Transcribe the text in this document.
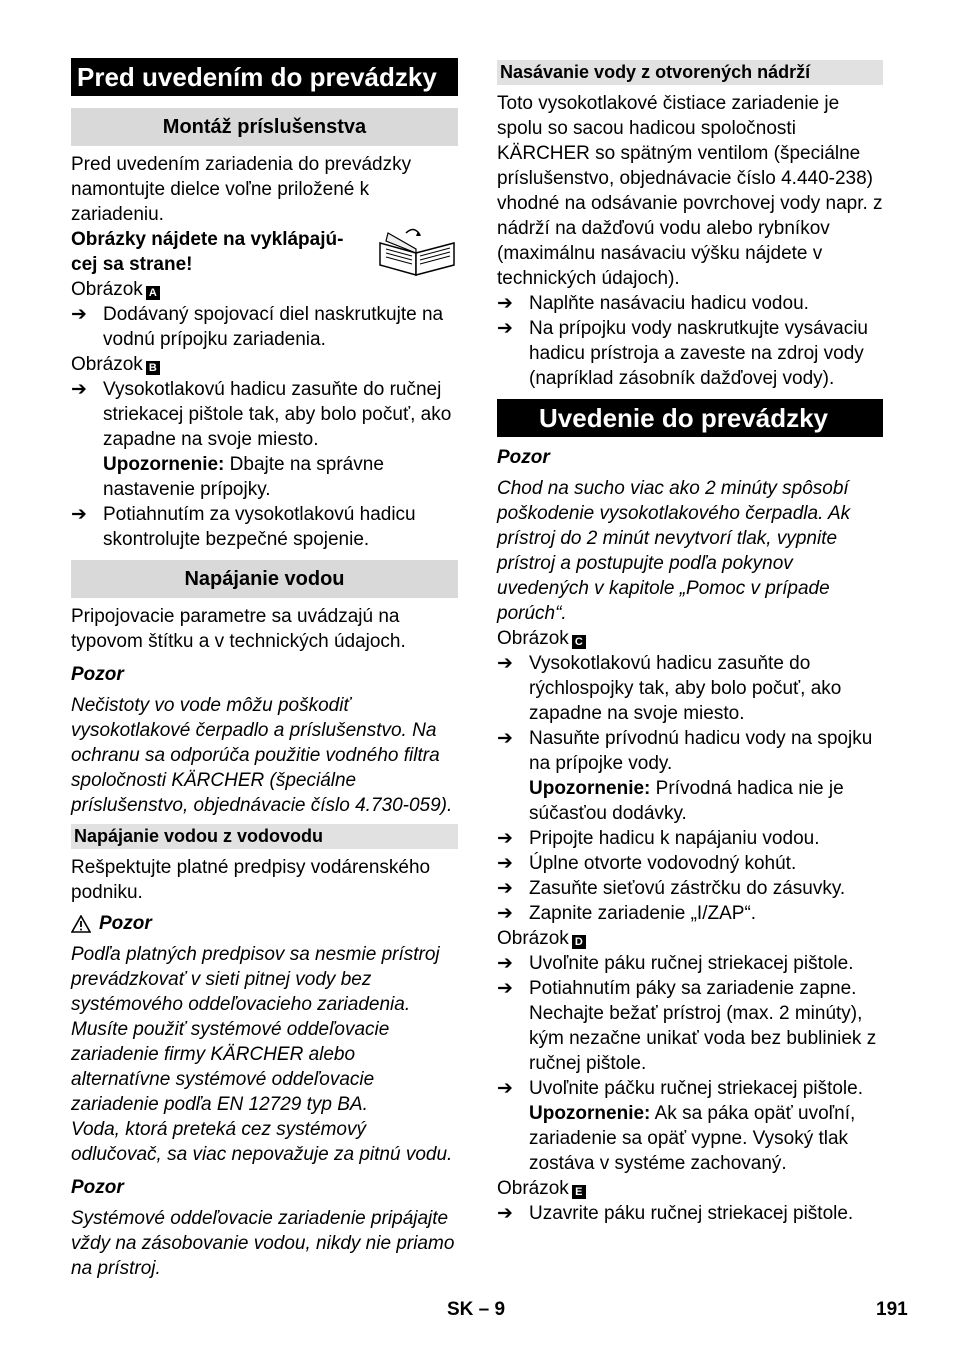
Pred uvedením do prevádzky
Montáž príslušenstva

Pred uvedením zariadenia do prevádzky namontujte dielce voľne priložené k zariadeniu.

Obrázky nájdete na vyklápajú-
cej sa strane!

Obrázok A

➔ Dodávaný spojovací diel naskrutkujte na vodnú prípojku zariadenia.

Obrázok B

➔ Vysokotlakovú hadicu zasuňte do ručnej striekacej pištole tak, aby bolo počuť, ako zapadne na svoje miesto.
Upozornenie: Dbajte na správne nastavenie prípojky.
➔ Potiahnutím za vysokotlakovú hadicu skontrolujte bezpečné spojenie.
Napájanie vodou

Pripojovacie parametre sa uvádzajú na typovom štítku a v technických údajoch.

Pozor

Nečistoty vo vode môžu poškodiť vysokotlakové čerpadlo a príslušenstvo. Na ochranu sa odporúča použitie vodného filtra spoločnosti KÄRCHER (špeciálne príslušenstvo, objednávacie číslo 4.730-059).

Napájanie vodou z vodovodu

Rešpektujte platné predpisy vodárenského podniku.

Pozor

Podľa platných predpisov sa nesmie prístroj prevádzkovať v sieti pitnej vody bez systémového oddeľovacieho zariadenia. Musíte použiť systémové oddeľovacie zariadenie firmy KÄRCHER alebo alternatívne systémové oddeľovacie zariadenie podľa EN 12729 typ BA.

Voda, ktorá preteká cez systémový odlučovač, sa viac nepovažuje za pitnú vodu.

Pozor

Systémové oddeľovacie zariadenie pripájajte vždy na zásobovanie vodou, nikdy nie priamo na prístroj.

Nasávanie vody z otvorených nádrží

Toto vysokotlakové čistiace zariadenie je spolu so sacou hadicou spoločnosti KÄRCHER so spätným ventilom (špeciálne príslušenstvo, objednávacie číslo 4.440-238) vhodné na odsávanie povrchovej vody napr. z nádrží na dažďovú vodu alebo rybníkov (maximálnu nasávaciu výšku nájdete v technických údajoch).

➔ Naplňte nasávaciu hadicu vodou.
➔ Na prípojku vody naskrutkujte vysávaciu hadicu prístroja a zaveste na zdroj vody (napríklad zásobník dažďovej vody).
Uvedenie do prevádzky

Pozor

Chod na sucho viac ako 2 minúty spôsobí poškodenie vysokotlakového čerpadla. Ak prístroj do 2 minút nevytvorí tlak, vypnite prístroj a postupujte podľa pokynov uvedených v kapitole „Pomoc v prípade porúch“.

Obrázok C

➔ Vysokotlakovú hadicu zasuňte do rýchlospojky tak, aby bolo počuť, ako zapadne na svoje miesto.
➔ Nasuňte prívodnú hadicu vody na spojku na prípojke vody.
Upozornenie: Prívodná hadica nie je súčasťou dodávky.
➔ Pripojte hadicu k napájaniu vodou.
➔ Úplne otvorte vodovodný kohút.
➔ Zasuňte sieťovú zástrčku do zásuvky.
➔ Zapnite zariadenie „I/ZAP“.

Obrázok D

➔ Uvoľnite páku ručnej striekacej pištole.
➔ Potiahnutím páky sa zariadenie zapne. Nechajte bežať prístroj (max. 2 minúty), kým nezačne unikať voda bez bubliniek z ručnej pištole.
➔ Uvoľnite páčku ručnej striekacej pištole.
Upozornenie: Ak sa páka opäť uvoľní, zariadenie sa opäť vypne. Vysoký tlak zostáva v systéme zachovaný.

Obrázok E

➔ Uzavrite páku ručnej striekacej pištole.
SK – 9	191
